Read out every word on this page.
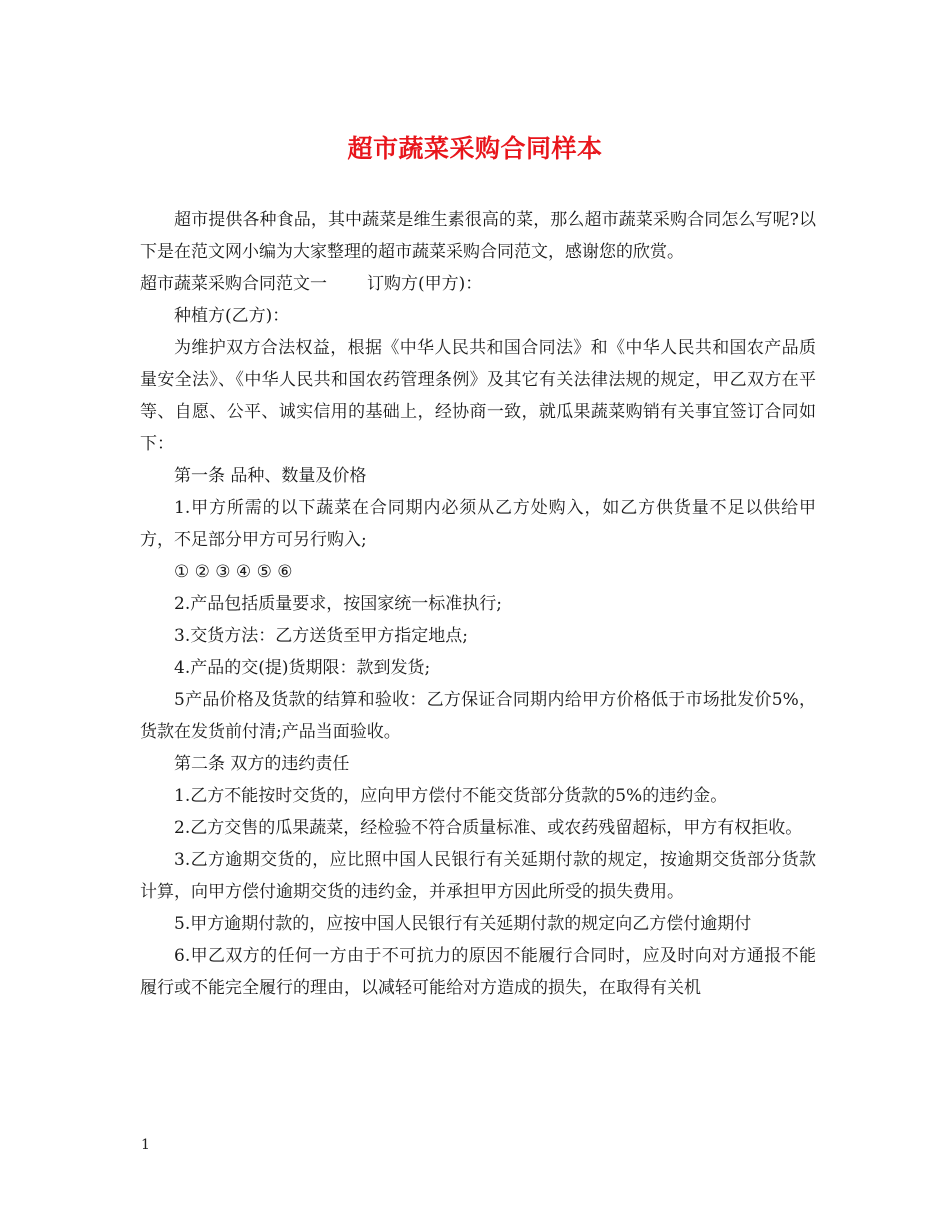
超市蔬菜采购合同样本

超市提供各种食品，其中蔬菜是维生素很高的菜，那么超市蔬菜采购合同怎么写呢?以下是在范文网小编为大家整理的超市蔬菜采购合同范文，感谢您的欣赏。

超市蔬菜采购合同范文一 订购方(甲方)：

种植方(乙方)：

为维护双方合法权益，根据《中华人民共和国合同法》和《中华人民共和国农产品质量安全法》、《中华人民共和国农药管理条例》及其它有关法律法规的规定，甲乙双方在平等、自愿、公平、诚实信用的基础上，经协商一致，就瓜果蔬菜购销有关事宜签订合同如下：

第一条 品种、数量及价格

1.甲方所需的以下蔬菜在合同期内必须从乙方处购入，如乙方供货量不足以供给甲方，不足部分甲方可另行购入;

① ② ③ ④ ⑤ ⑥

2.产品包括质量要求，按国家统一标准执行;

3.交货方法：乙方送货至甲方指定地点;

4.产品的交(提)货期限：款到发货;

5产品价格及货款的结算和验收：乙方保证合同期内给甲方价格低于市场批发价5%，货款在发货前付清;产品当面验收。

第二条 双方的违约责任

1.乙方不能按时交货的，应向甲方偿付不能交货部分货款的5%的违约金。

2.乙方交售的瓜果蔬菜，经检验不符合质量标准、或农药残留超标，甲方有权拒收。

3.乙方逾期交货的，应比照中国人民银行有关延期付款的规定，按逾期交货部分货款计算，向甲方偿付逾期交货的违约金，并承担甲方因此所受的损失费用。

5.甲方逾期付款的，应按中国人民银行有关延期付款的规定向乙方偿付逾期付

6.甲乙双方的任何一方由于不可抗力的原因不能履行合同时，应及时向对方通报不能履行或不能完全履行的理由，以减轻可能给对方造成的损失，在取得有关机

1
